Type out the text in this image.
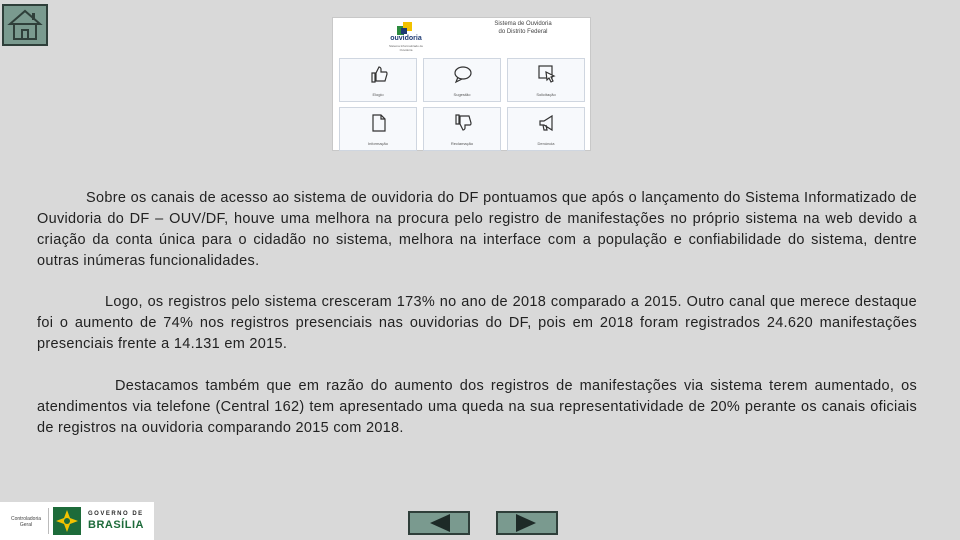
ouvidoria
Sistema Informatizado de Ouvidoria
Sistema de Ouvidoria
do Distrito Federal
Elogio	Sugestão	Solicitação
Informação	Reclamação	Denúncia

Sobre os canais de acesso ao sistema de ouvidoria do DF pontuamos que após o lançamento do Sistema Informatizado de Ouvidoria do DF – OUV/DF, houve uma melhora na procura pelo registro de manifestações no próprio sistema na web devido a criação da conta única para o cidadão no sistema, melhora na interface com a população e confiabilidade do sistema, dentre outras inúmeras funcionalidades.

Logo, os registros pelo sistema cresceram 173% no ano de 2018 comparado a 2015. Outro canal que merece destaque foi o aumento de 74% nos registros presenciais nas ouvidorias do DF, pois em 2018 foram registrados 24.620 manifestações presenciais frente a 14.131 em 2015.

Destacamos também que em razão do aumento dos registros de manifestações via sistema terem aumentado, os atendimentos via telefone (Central 162) tem apresentado uma queda na sua representatividade de 20% perante os canais oficiais de registros na ouvidoria comparando 2015 com 2018.

Controladoria
Geral
GOVERNO DE
BRASÍLIA
